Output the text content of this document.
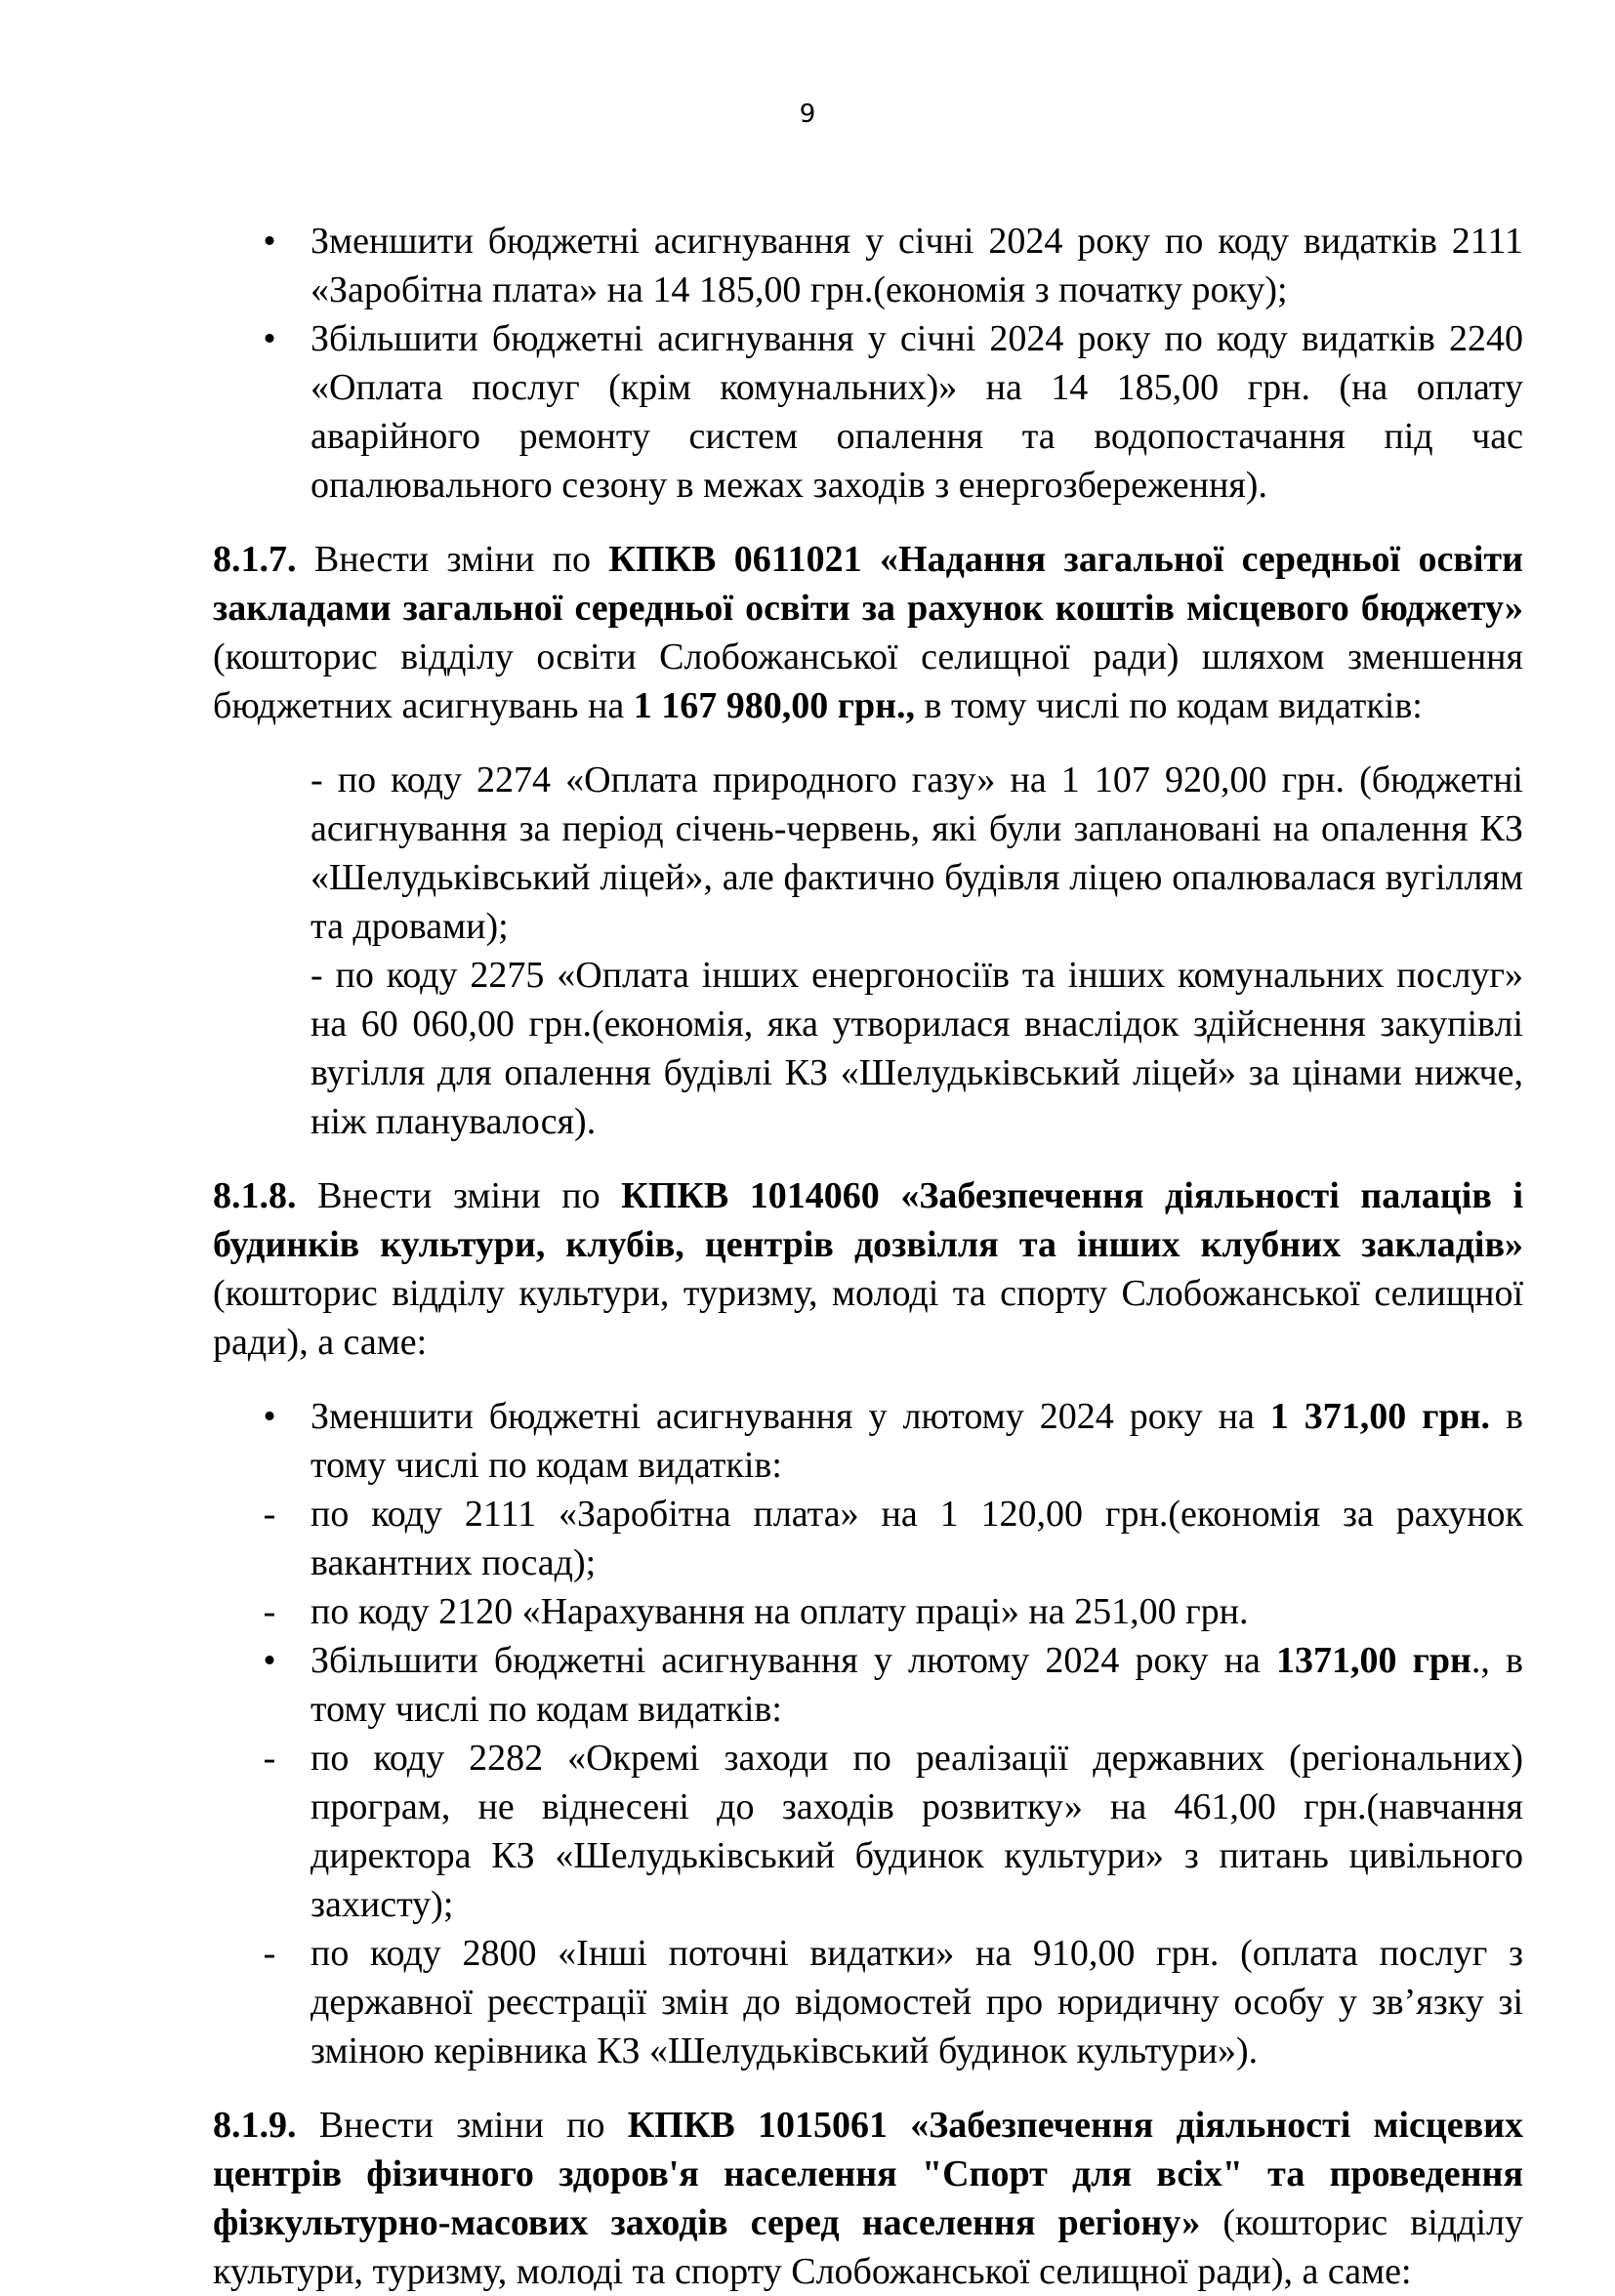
9
• Зменшити бюджетні асигнування у січні 2024 року по коду видатків 2111 «Заробітна плата» на 14 185,00 грн.(економія з початку року);
• Збільшити бюджетні асигнування у січні 2024 року по коду видатків 2240 «Оплата послуг (крім комунальних)» на 14 185,00 грн. (на оплату аварійного ремонту систем опалення та водопостачання під час опалювального сезону в межах заходів з енергозбереження).

8.1.7. Внести зміни по КПКВ 0611021 «Надання загальної середньої освіти закладами загальної середньої освіти за рахунок коштів місцевого бюджету» (кошторис відділу освіти Слобожанської селищної ради) шляхом зменшення бюджетних асигнувань на 1 167 980,00 грн., в тому числі по кодам видатків:

- по коду 2274 «Оплата природного газу» на 1 107 920,00 грн. (бюджетні асигнування за період січень-червень, які були заплановані на опалення КЗ «Шелудьківський ліцей», але фактично будівля ліцею опалювалася вугіллям та дровами);

- по коду 2275 «Оплата інших енергоносіїв та інших комунальних послуг» на 60 060,00 грн.(економія, яка утворилася внаслідок здійснення закупівлі вугілля для опалення будівлі КЗ «Шелудьківський ліцей» за цінами нижче, ніж планувалося).

8.1.8. Внести зміни по КПКВ 1014060 «Забезпечення діяльності палаців і будинків культури, клубів, центрів дозвілля та інших клубних закладів» (кошторис відділу культури, туризму, молоді та спорту Слобожанської селищної ради), а саме:

• Зменшити бюджетні асигнування у лютому 2024 року на 1 371,00 грн. в тому числі по кодам видатків:
- по коду 2111 «Заробітна плата» на 1 120,00 грн.(економія за рахунок вакантних посад);
- по коду 2120 «Нарахування на оплату праці» на 251,00 грн.
• Збільшити бюджетні асигнування у лютому 2024 року на 1371,00 грн., в тому числі по кодам видатків:
- по коду 2282 «Окремі заходи по реалізації державних (регіональних) програм, не віднесені до заходів розвитку» на 461,00 грн.(навчання директора КЗ «Шелудьківський будинок культури» з питань цивільного захисту);
- по коду 2800 «Інші поточні видатки» на 910,00 грн. (оплата послуг з державної реєстрації змін до відомостей про юридичну особу у зв’язку зі зміною керівника КЗ «Шелудьківський будинок культури»).

8.1.9. Внести зміни по КПКВ 1015061 «Забезпечення діяльності місцевих центрів фізичного здоров'я населення "Спорт для всіх" та проведення фізкультурно-масових заходів серед населення регіону» (кошторис відділу культури, туризму, молоді та спорту Слобожанської селищної ради), а саме:
